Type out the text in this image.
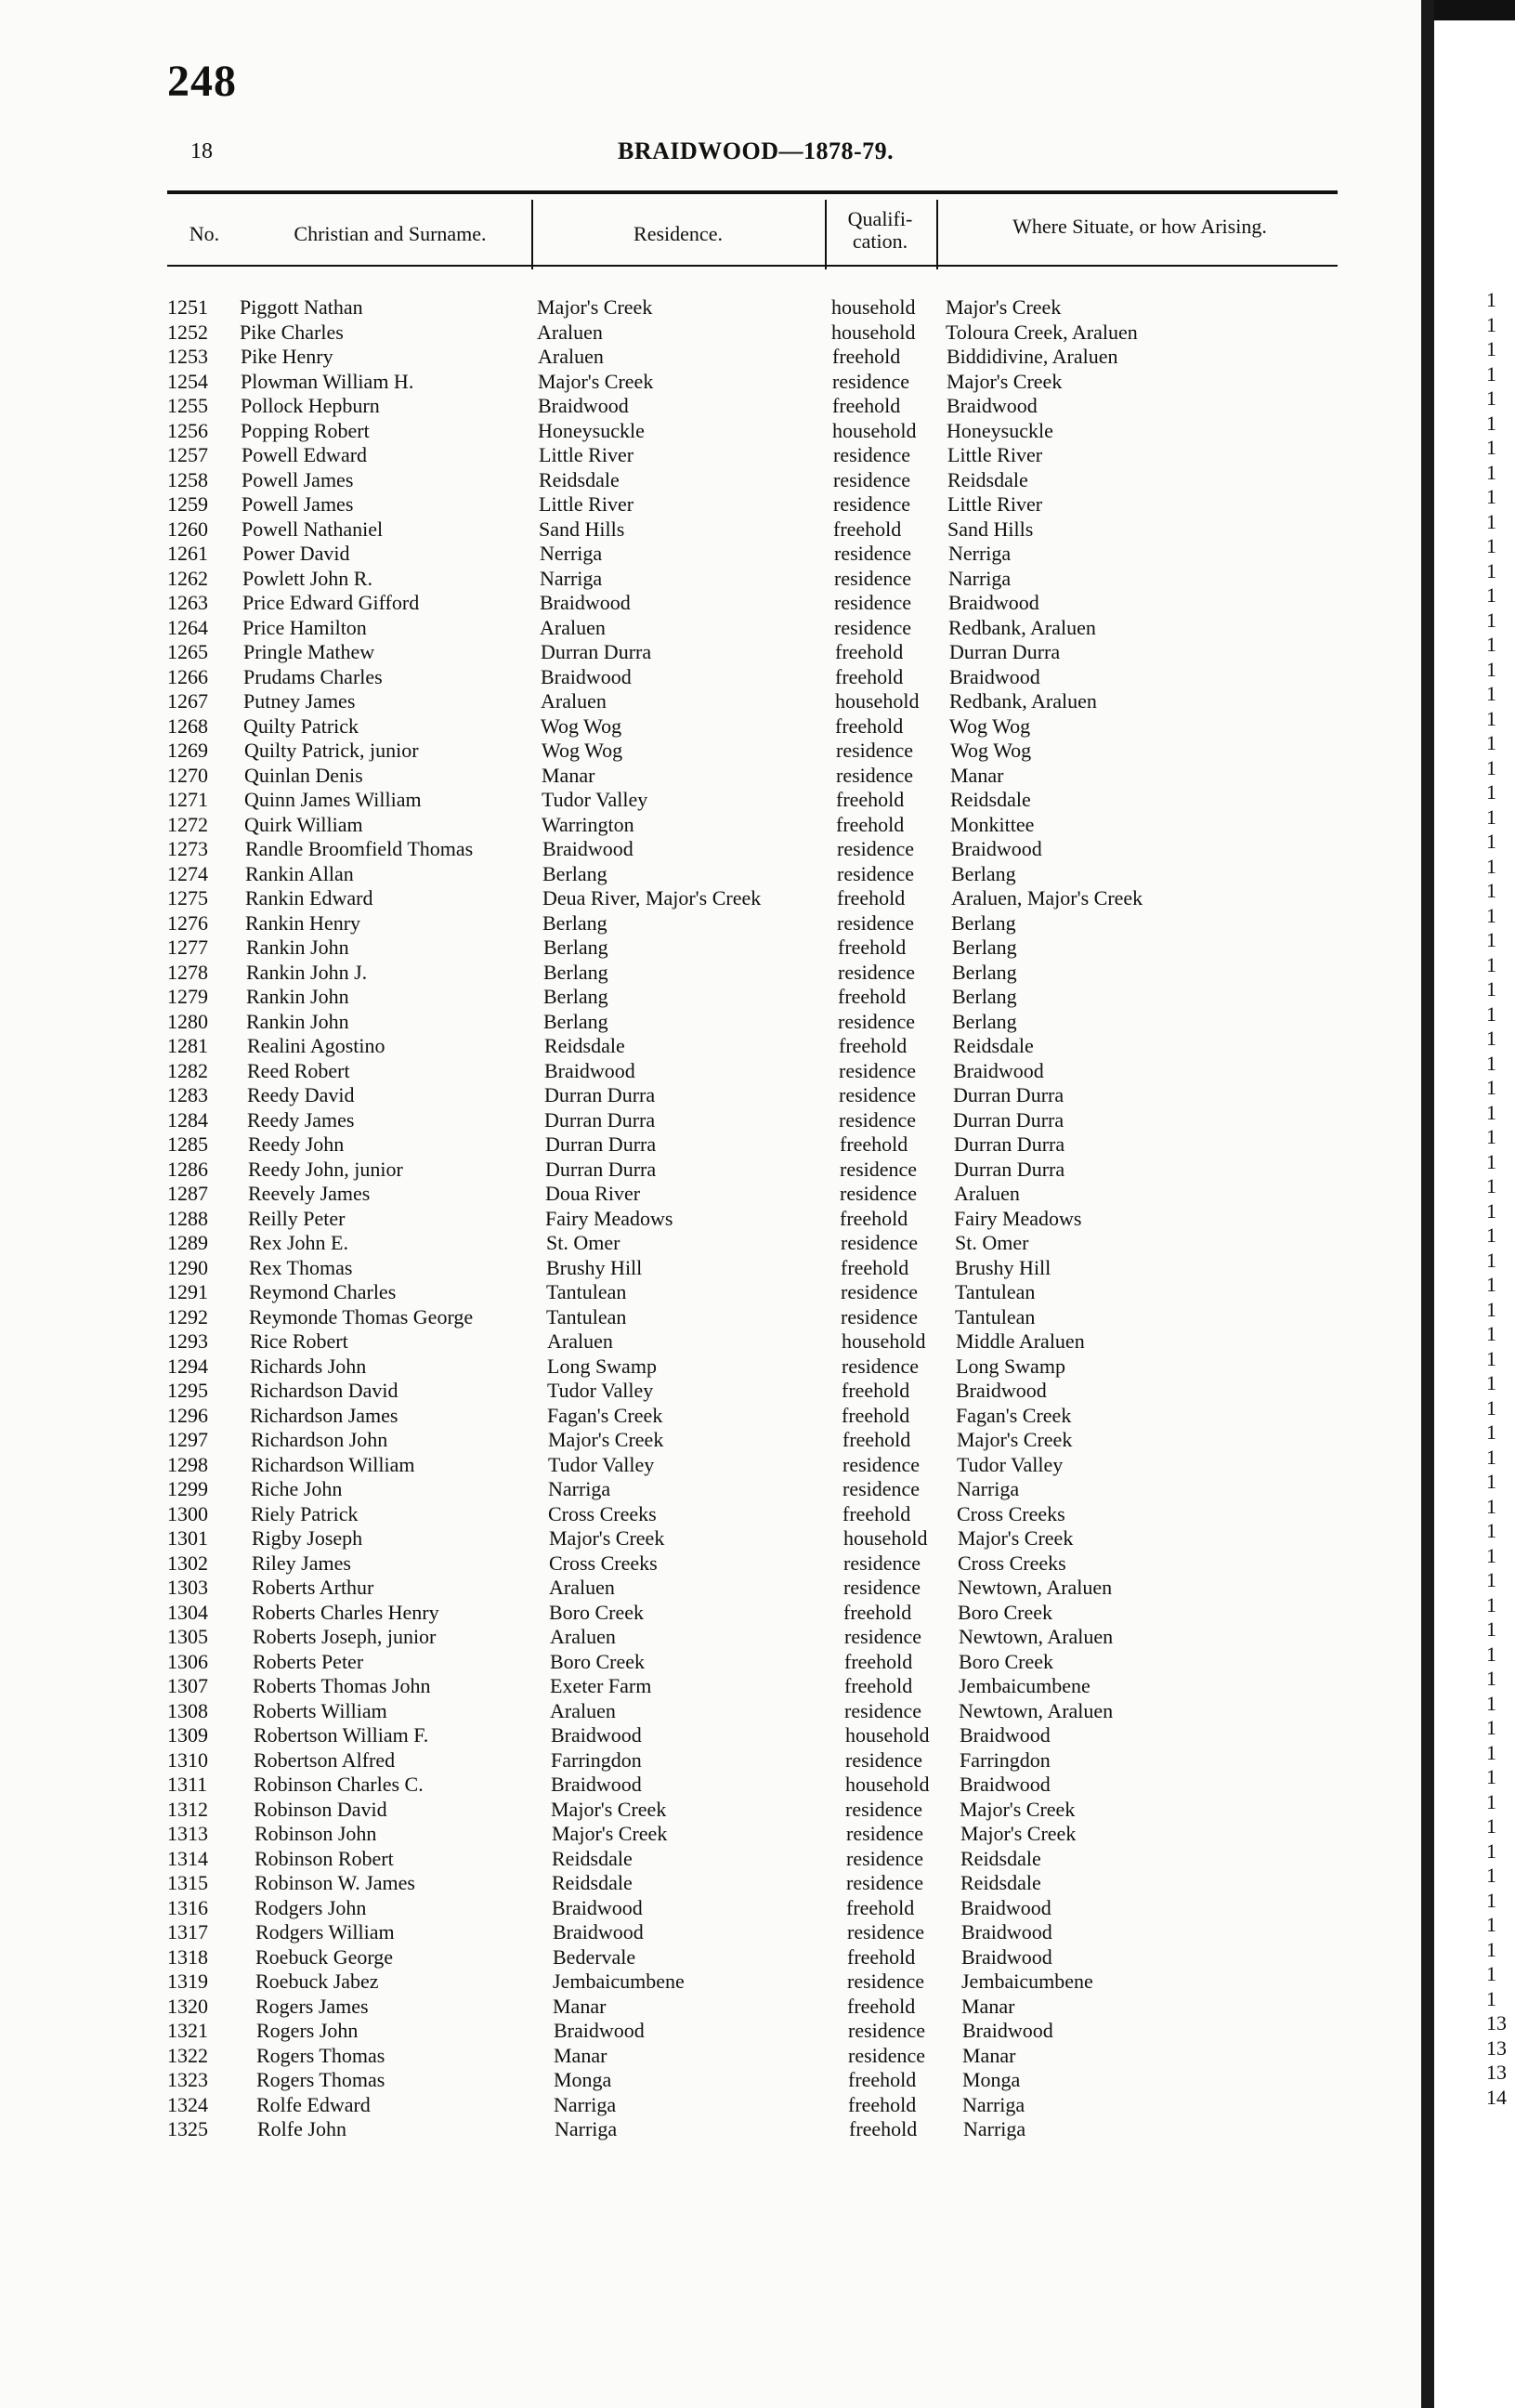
248
18	BRAIDWOOD—1878-79.
No.	Christian and Surname.	Residence.
Qualifi-
cation.
Where Situate, or how Arising.
1251	Piggott Nathan	Major's Creek	household Major's Creek
1252	Pike Charles	Araluen	household Toloura Creek, Araluen
1253	Pike Henry	Araluen	freehold Biddidivine, Araluen
1254	Plowman William H.	Major's Creek	residence Major's Creek
1255	Pollock Hepburn	Braidwood	freehold Braidwood
1256	Popping Robert	Honeysuckle	household Honeysuckle
1257	Powell Edward	Little River	residence Little River
1258	Powell James	Reidsdale	residence Reidsdale
1259	Powell James	Little River	residence Little River
1260	Powell Nathaniel	Sand Hills	freehold Sand Hills
1261	Power David	Nerriga	residence Nerriga
1262	Powlett John R.	Narriga	residence Narriga
1263	Price Edward Gifford	Braidwood	residence Braidwood
1264	Price Hamilton	Araluen	residence Redbank, Araluen
1265	Pringle Mathew	Durran Durra	freehold Durran Durra
1266	Prudams Charles	Braidwood	freehold Braidwood
1267	Putney James	Araluen	household Redbank, Araluen
1268	Quilty Patrick	Wog Wog	freehold Wog Wog
1269	Quilty Patrick, junior	Wog Wog	residence Wog Wog
1270	Quinlan Denis	Manar	residence Manar
1271	Quinn James William	Tudor Valley	freehold Reidsdale
1272	Quirk William	Warrington	freehold Monkittee
1273	Randle Broomfield Thomas	Braidwood	residence Braidwood
1274	Rankin Allan	Berlang	residence Berlang
1275	Rankin Edward	Deua River, Major's Creek	freehold Araluen, Major's Creek
1276	Rankin Henry	Berlang	residence Berlang
1277	Rankin John	Berlang	freehold Berlang
1278	Rankin John J.	Berlang	residence Berlang
1279	Rankin John	Berlang	freehold Berlang
1280	Rankin John	Berlang	residence Berlang
1281	Realini Agostino	Reidsdale	freehold Reidsdale
1282	Reed Robert	Braidwood	residence Braidwood
1283	Reedy David	Durran Durra	residence Durran Durra
1284	Reedy James	Durran Durra	residence Durran Durra
1285	Reedy John	Durran Durra	freehold Durran Durra
1286	Reedy John, junior	Durran Durra	residence Durran Durra
1287	Reevely James	Doua River	residence Araluen
1288	Reilly Peter	Fairy Meadows	freehold Fairy Meadows
1289	Rex John E.	St. Omer	residence St. Omer
1290	Rex Thomas	Brushy Hill	freehold Brushy Hill
1291	Reymond Charles	Tantulean	residence Tantulean
1292	Reymonde Thomas George	Tantulean	residence Tantulean
1293	Rice Robert	Araluen	household Middle Araluen
1294	Richards John	Long Swamp	residence Long Swamp
1295	Richardson David	Tudor Valley	freehold Braidwood
1296	Richardson James	Fagan's Creek	freehold Fagan's Creek
1297	Richardson John	Major's Creek	freehold Major's Creek
1298	Richardson William	Tudor Valley	residence Tudor Valley
1299	Riche John	Narriga	residence Narriga
1300	Riely Patrick	Cross Creeks	freehold Cross Creeks
1301	Rigby Joseph	Major's Creek	household Major's Creek
1302	Riley James	Cross Creeks	residence Cross Creeks
1303	Roberts Arthur	Araluen	residence Newtown, Araluen
1304	Roberts Charles Henry	Boro Creek	freehold Boro Creek
1305	Roberts Joseph, junior	Araluen	residence Newtown, Araluen
1306	Roberts Peter	Boro Creek	freehold Boro Creek
1307	Roberts Thomas John	Exeter Farm	freehold Jembaicumbene
1308	Roberts William	Araluen	residence Newtown, Araluen
1309	Robertson William F.	Braidwood	household Braidwood
1310	Robertson Alfred	Farringdon	residence Farringdon
1311	Robinson Charles C.	Braidwood	household Braidwood
1312	Robinson David	Major's Creek	residence Major's Creek
1313	Robinson John	Major's Creek	residence Major's Creek
1314	Robinson Robert	Reidsdale	residence Reidsdale
1315	Robinson W. James	Reidsdale	residence Reidsdale
1316	Rodgers John	Braidwood	freehold Braidwood
1317	Rodgers William	Braidwood	residence Braidwood
1318	Roebuck George	Bedervale	freehold Braidwood
1319	Roebuck Jabez	Jembaicumbene	residence Jembaicumbene
1320	Rogers James	Manar	freehold Manar
1321	Rogers John	Braidwood	residence Braidwood
1322	Rogers Thomas	Manar	residence Manar
1323	Rogers Thomas	Monga	freehold Monga
1324	Rolfe Edward	Narriga	freehold Narriga
1325	Rolfe John	Narriga	freehold Narriga
1
1
1
1
1
1
1
1
1
1
1
1
1
1
1
1
1
1
1
1
1
1
1
1
1
1
1
1
1
1
1
1
1
1
1
1
1
1
1
1
1
1
1
1
1
1
1
1
1
1
1
1
1
1
1
1
1
1
1
1
1
1
1
1
1
1
1
1
1
1
13
13
13
14
